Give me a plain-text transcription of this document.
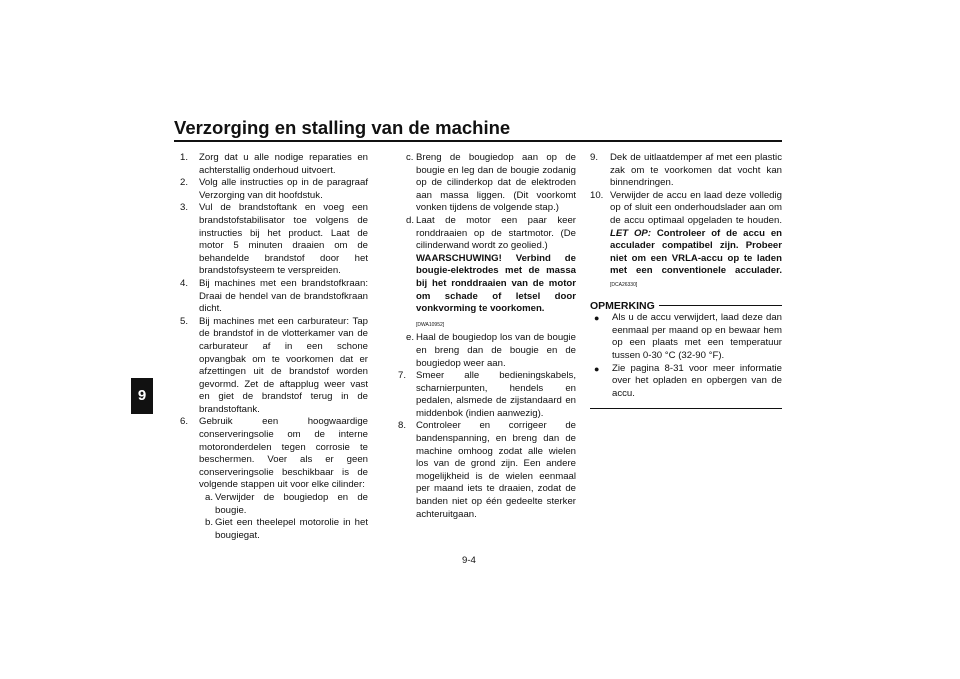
Verzorging en stalling van de machine
9
1.	Zorg dat u alle nodige reparaties en achterstallig onderhoud uitvoert.
2.	Volg alle instructies op in de paragraaf Verzorging van dit hoofdstuk.
3.	Vul de brandstoftank en voeg een brandstofstabilisator toe volgens de instructies bij het product. Laat de motor 5 minuten draaien om de behandelde brandstof door het brandstofsysteem te verspreiden.
4.	Bij machines met een brandstofkraan: Draai de hendel van de brandstofkraan dicht.
5.	Bij machines met een carburateur: Tap de brandstof in de vlotterkamer van de carburateur af in een schone opvangbak om te voorkomen dat er afzettingen uit de brandstof worden gevormd. Zet de aftapplug weer vast en giet de brandstof terug in de brandstoftank.
6.	Gebruik een hoogwaardige conserveringsolie om de interne motoronderdelen tegen corrosie te beschermen. Voer als er geen conserveringsolie beschikbaar is de volgende stappen uit voor elke cilinder:
a. Verwijder de bougiedop en de bougie.
b. Giet een theelepel motorolie in het bougiegat.
c. Breng de bougiedop aan op de bougie en leg dan de bougie zodanig op de cilinderkop dat de elektroden aan massa liggen. (Dit voorkomt vonken tijdens de volgende stap.)
d. Laat de motor een paar keer ronddraaien op de startmotor. (De cilinderwand wordt zo geolied.)
WAARSCHUWING! Verbind de bougie-elektrodes met de massa bij het ronddraaien van de motor om schade of letsel door vonkvorming te voorkomen.
[DWA10952]
e. Haal de bougiedop los van de bougie en breng dan de bougie en de bougiedop weer aan.
7.	Smeer alle bedieningskabels, scharnierpunten, hendels en pedalen, alsmede de zijstandaard en middenbok (indien aanwezig).
8.	Controleer en corrigeer de bandenspanning, en breng dan de machine omhoog zodat alle wielen los van de grond zijn. Een andere mogelijkheid is de wielen eenmaal per maand iets te draaien, zodat de banden niet op één gedeelte sterker achteruitgaan.
9.	Dek de uitlaatdemper af met een plastic zak om te voorkomen dat vocht kan binnendringen.
10. Verwijder de accu en laad deze volledig op of sluit een onderhoudslader aan om de accu optimaal opgeladen te houden. LET OP: Controleer of de accu en acculader compatibel zijn. Probeer niet om een VRLA-accu op te laden met een conventionele acculader. [DCA26330]
OPMERKING
●	Als u de accu verwijdert, laad deze dan eenmaal per maand op en bewaar hem op een plaats met een temperatuur tussen 0-30 °C (32-90 °F).
●	Zie pagina 8-31 voor meer informatie over het opladen en opbergen van de accu.
9-4
